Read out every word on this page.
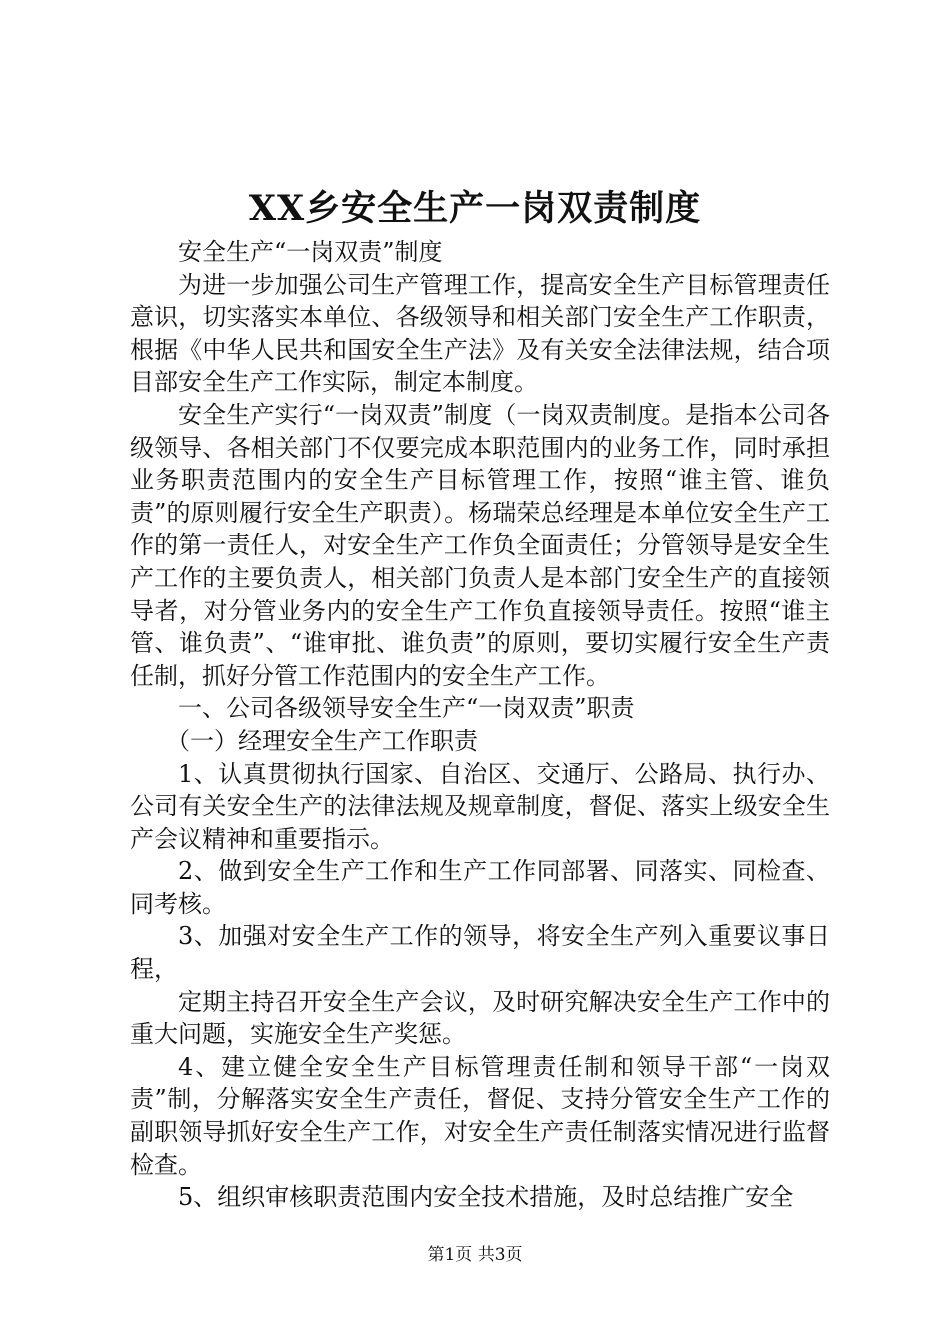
XX乡安全生产一岗双责制度

安全生产“一岗双责”制度

为进一步加强公司生产管理工作，提高安全生产目标管理责任意识，切实落实本单位、各级领导和相关部门安全生产工作职责，根据《中华人民共和国安全生产法》及有关安全法律法规，结合项目部安全生产工作实际，制定本制度。

安全生产实行“一岗双责”制度（一岗双责制度。是指本公司各级领导、各相关部门不仅要完成本职范围内的业务工作，同时承担业务职责范围内的安全生产目标管理工作，按照“谁主管、谁负责”的原则履行安全生产职责）。杨瑞荣总经理是本单位安全生产工作的第一责任人，对安全生产工作负全面责任；分管领导是安全生产工作的主要负责人，相关部门负责人是本部门安全生产的直接领导者，对分管业务内的安全生产工作负直接领导责任。按照“谁主管、谁负责”、“谁审批、谁负责”的原则，要切实履行安全生产责任制，抓好分管工作范围内的安全生产工作。

一、公司各级领导安全生产“一岗双责”职责

（一）经理安全生产工作职责

1、认真贯彻执行国家、自治区、交通厅、公路局、执行办、公司有关安全生产的法律法规及规章制度，督促、落实上级安全生产会议精神和重要指示。

2、做到安全生产工作和生产工作同部署、同落实、同检查、同考核。

3、加强对安全生产工作的领导，将安全生产列入重要议事日程，

定期主持召开安全生产会议，及时研究解决安全生产工作中的重大问题，实施安全生产奖惩。

4、建立健全安全生产目标管理责任制和领导干部“一岗双责”制，分解落实安全生产责任，督促、支持分管安全生产工作的副职领导抓好安全生产工作，对安全生产责任制落实情况进行监督检查。

5、组织审核职责范围内安全技术措施，及时总结推广安全

第1页 共3页
